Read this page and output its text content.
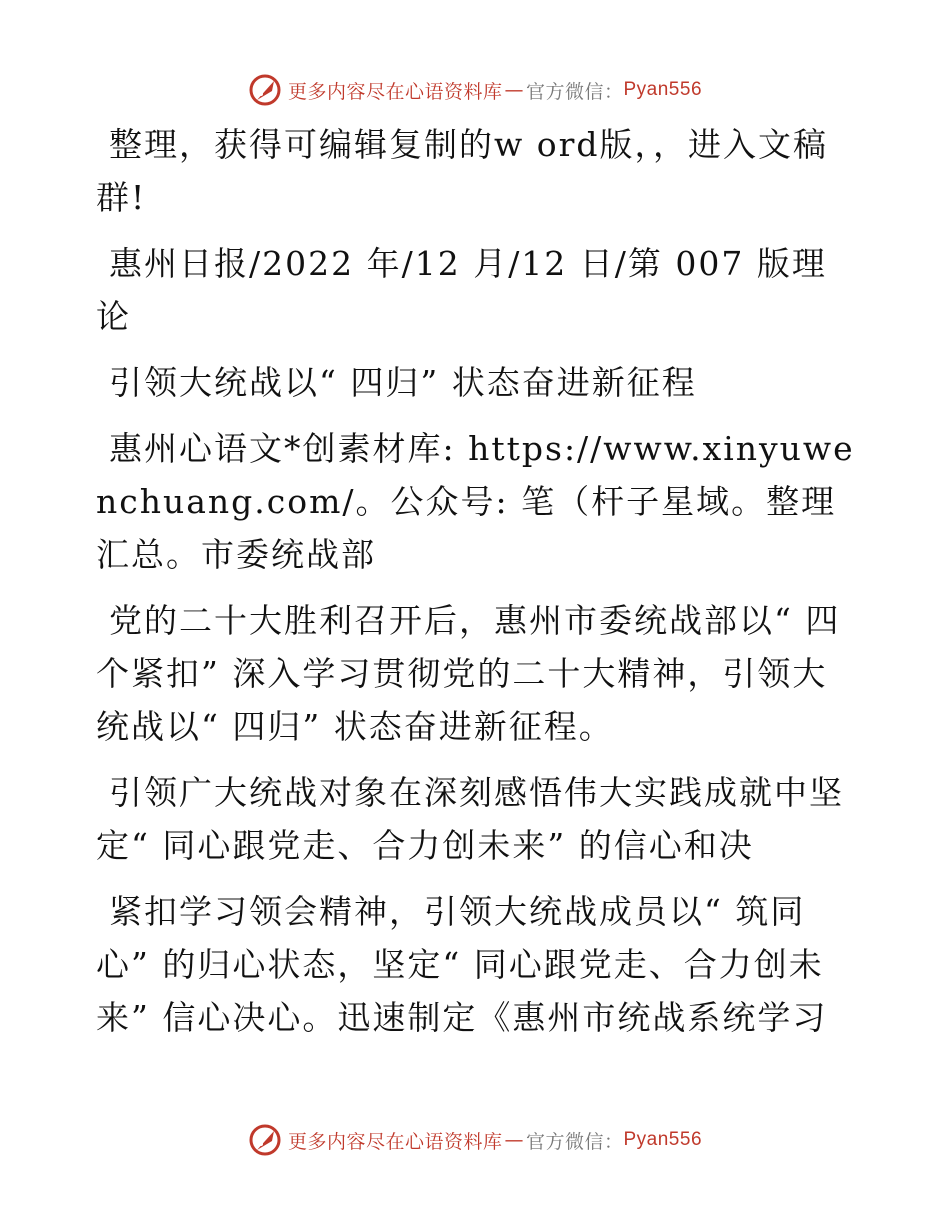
更多内容尽在心语资料库 — 官方微信： Pyan556

整理，获得可编辑复制的w ord版，，进入文稿群!

惠州日报/2022 年/12 月/12 日/第 007 版理论

引领大统战以“ 四归” 状态奋进新征程

惠州心语文*创素材库: https://www.xinyuwenchuang.com/。公众号: 笔（杆子星域。整理汇总。市委统战部

党的二十大胜利召开后，惠州市委统战部以“ 四个紧扣” 深入学习贯彻党的二十大精神，引领大统战以“ 四归” 状态奋进新征程。

引领广大统战对象在深刻感悟伟大实践成就中坚定“ 同心跟党走、合力创未来” 的信心和决

紧扣学习领会精神，引领大统战成员以“ 筑同心” 的归心状态，坚定“ 同心跟党走、合力创未来” 信心决心。迅速制定《惠州市统战系统学习

更多内容尽在心语资料库 — 官方微信： Pyan556
